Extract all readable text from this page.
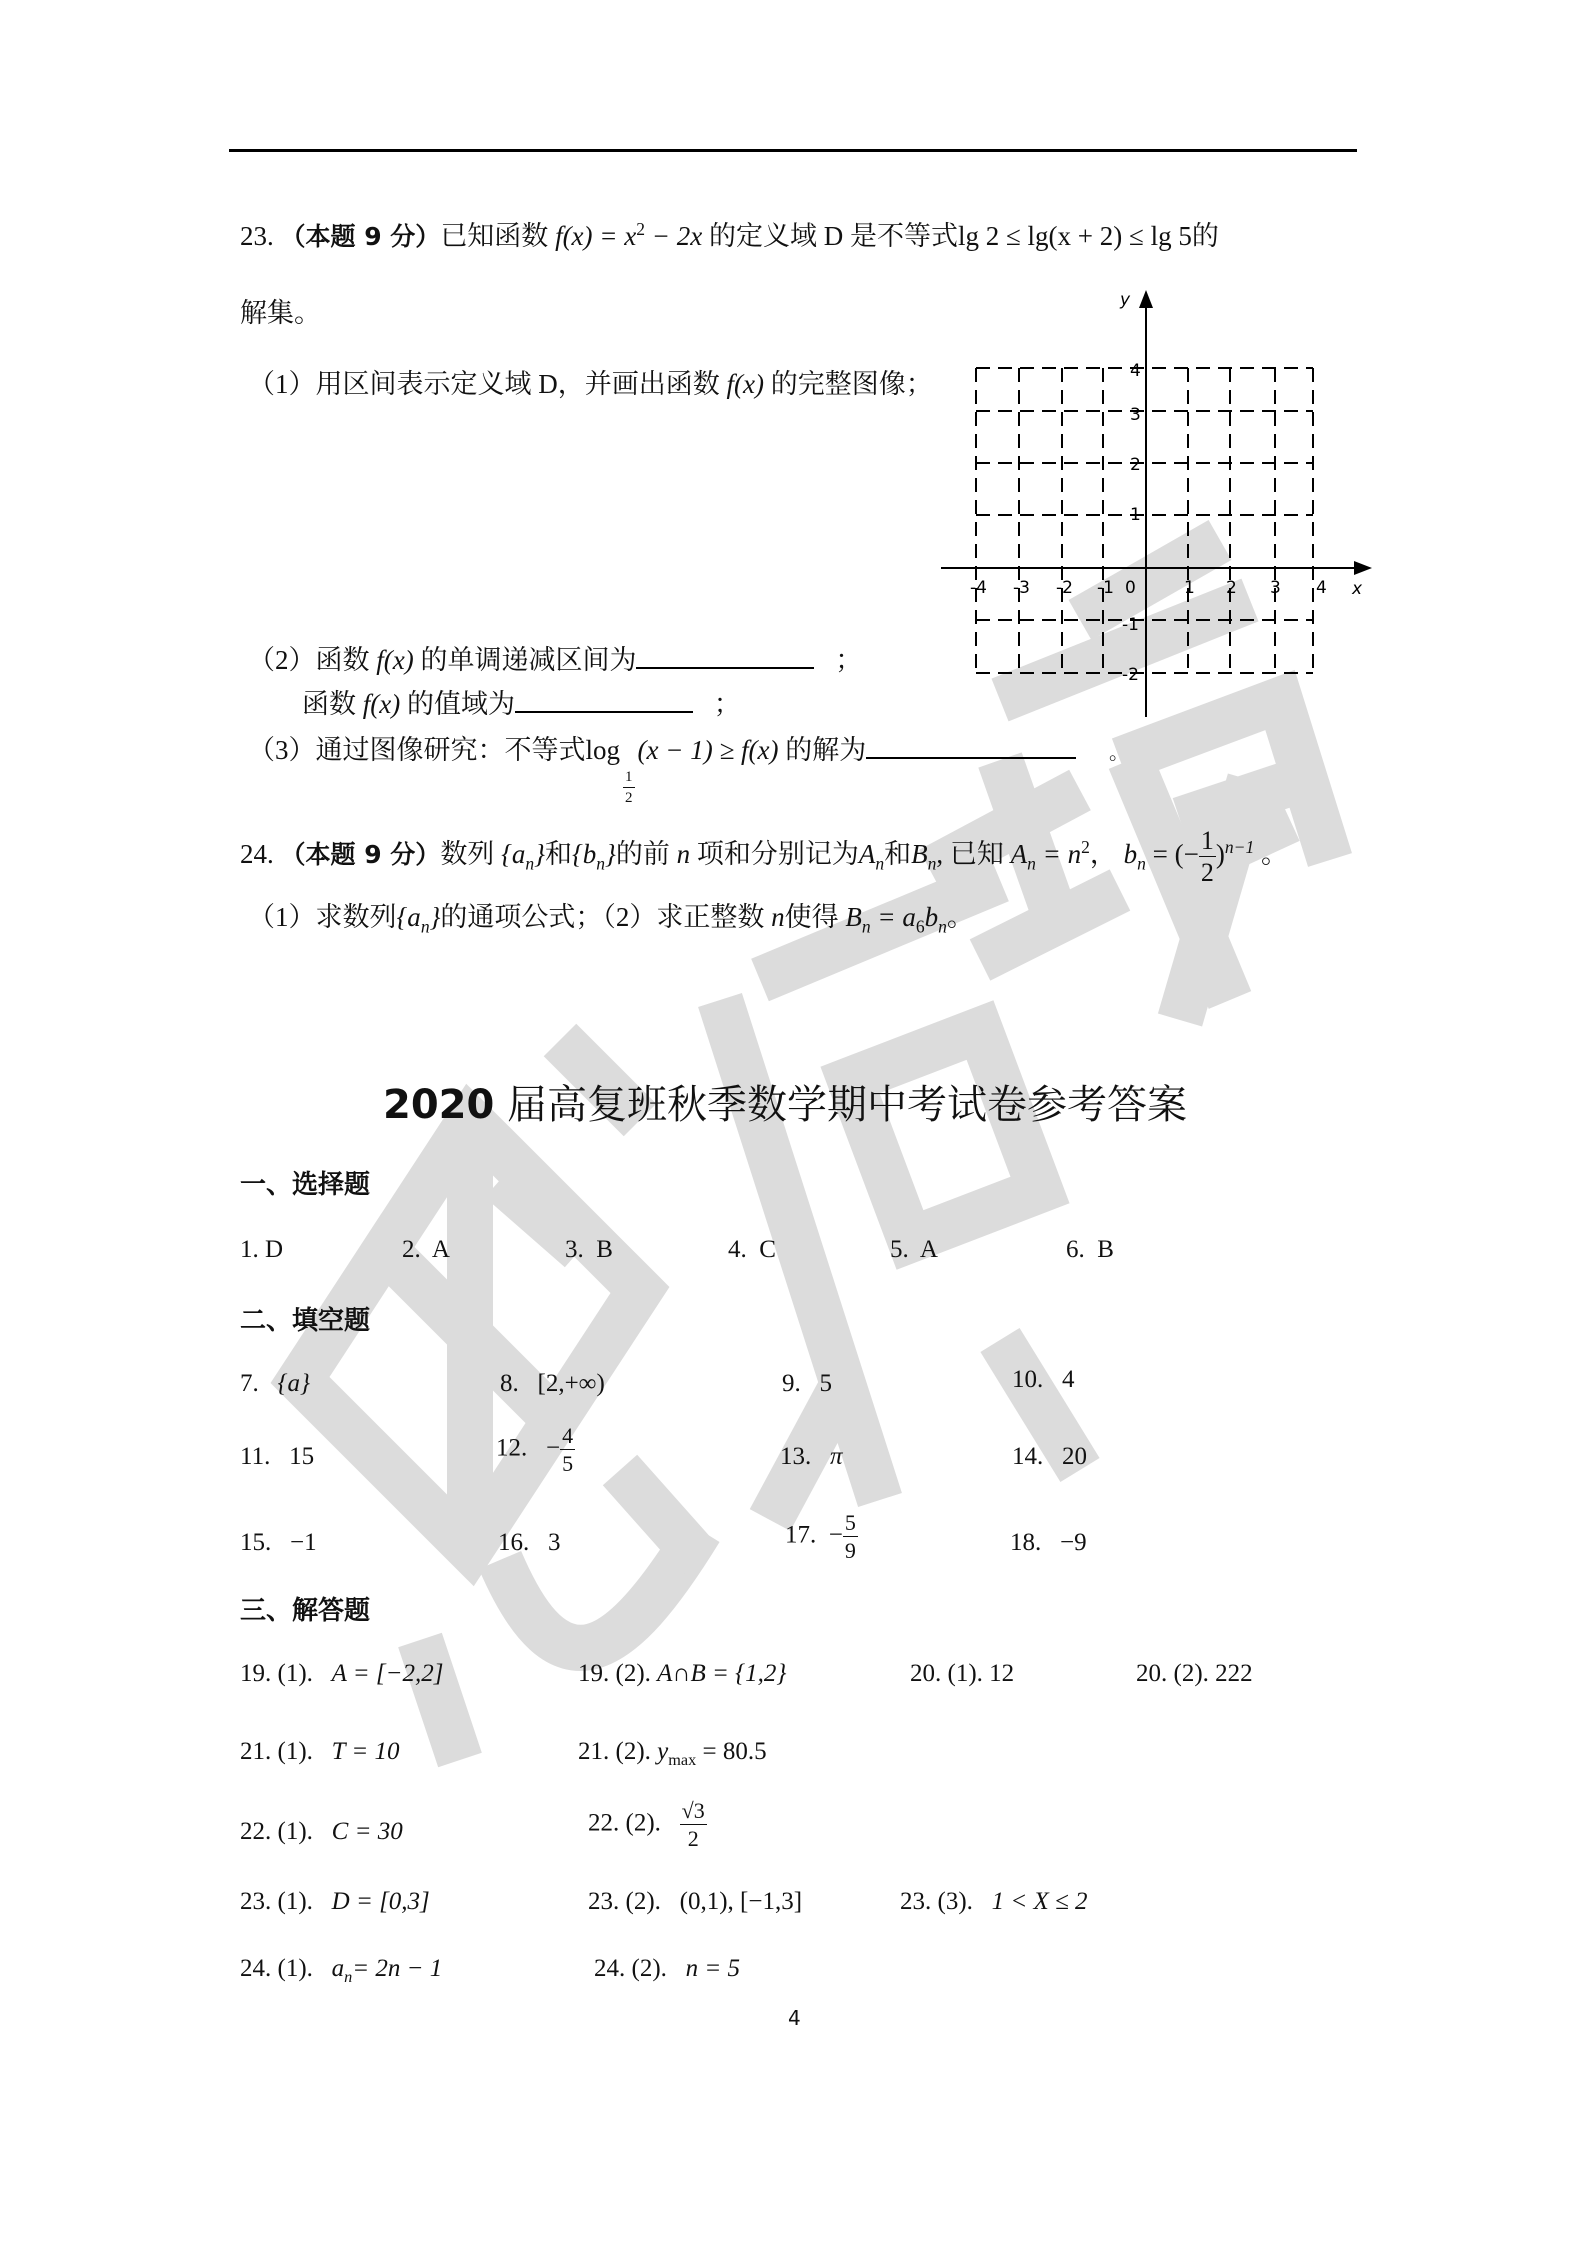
23. （本题 9 分）已知函数 $f(x) = x^2 - 2x$ 的定义域 D 是不等式lg 2 ≤ lg(x + 2) ≤ lg 5的
解集。
（1）用区间表示定义域 D，并画出函数 f(x) 的完整图像；
（2）函数 f(x) 的单调递减区间为	；
函数 f(x) 的值域为	；
（3）通过图像研究：不等式log
$\frac{1}{2}$
(x − 1) ≥ f(x) 的解为	。
-4 -3 -2 -1 0	1 2 3 4 x
y
4
3
2
1
-1
-2
24. （本题 9 分）数列 $\{a_n\}$和$\{b_n\}$的前 n 项和分别记为$A_n$和$B_n$, 已知 $A_n = n^2$， $b_n$ = (− $\frac{1}{2} )^{n-1}$ 。
（1）求数列$\{a_n\}$的通项公式；（2）求正整数 n使得 $B_n = a_6b_n$。
2020 届高复班秋季数学期中考试卷参考答案
一、选择题
1. D	2. A	3. B	4. C	5. A	6. B
二、填空题
7. {a}	8. [2,+∞)	9. 5	10. 4
11. 15	12. − $\frac{4}{5}$	13. π	14. 20
15. −1	16. 3	17. − $\frac{5}{9}$	18. −9
三、解答题
19. (1). A = [−2,2]	19. (2). A∩B = {1,2}	20. (1). 12	20. (2). 222
21. (1). T = 10	21. (2). $y_{max} = 80.5$
22. (1). C = 30	22. (2). $\frac{√3}{2}$
23. (1). D = [0,3]	23. (2). (0,1), [−1,3]	23. (3). 1 < X ≤ 2
24. (1). $a_n= 2n - 1$	24. (2). n = 5
4
